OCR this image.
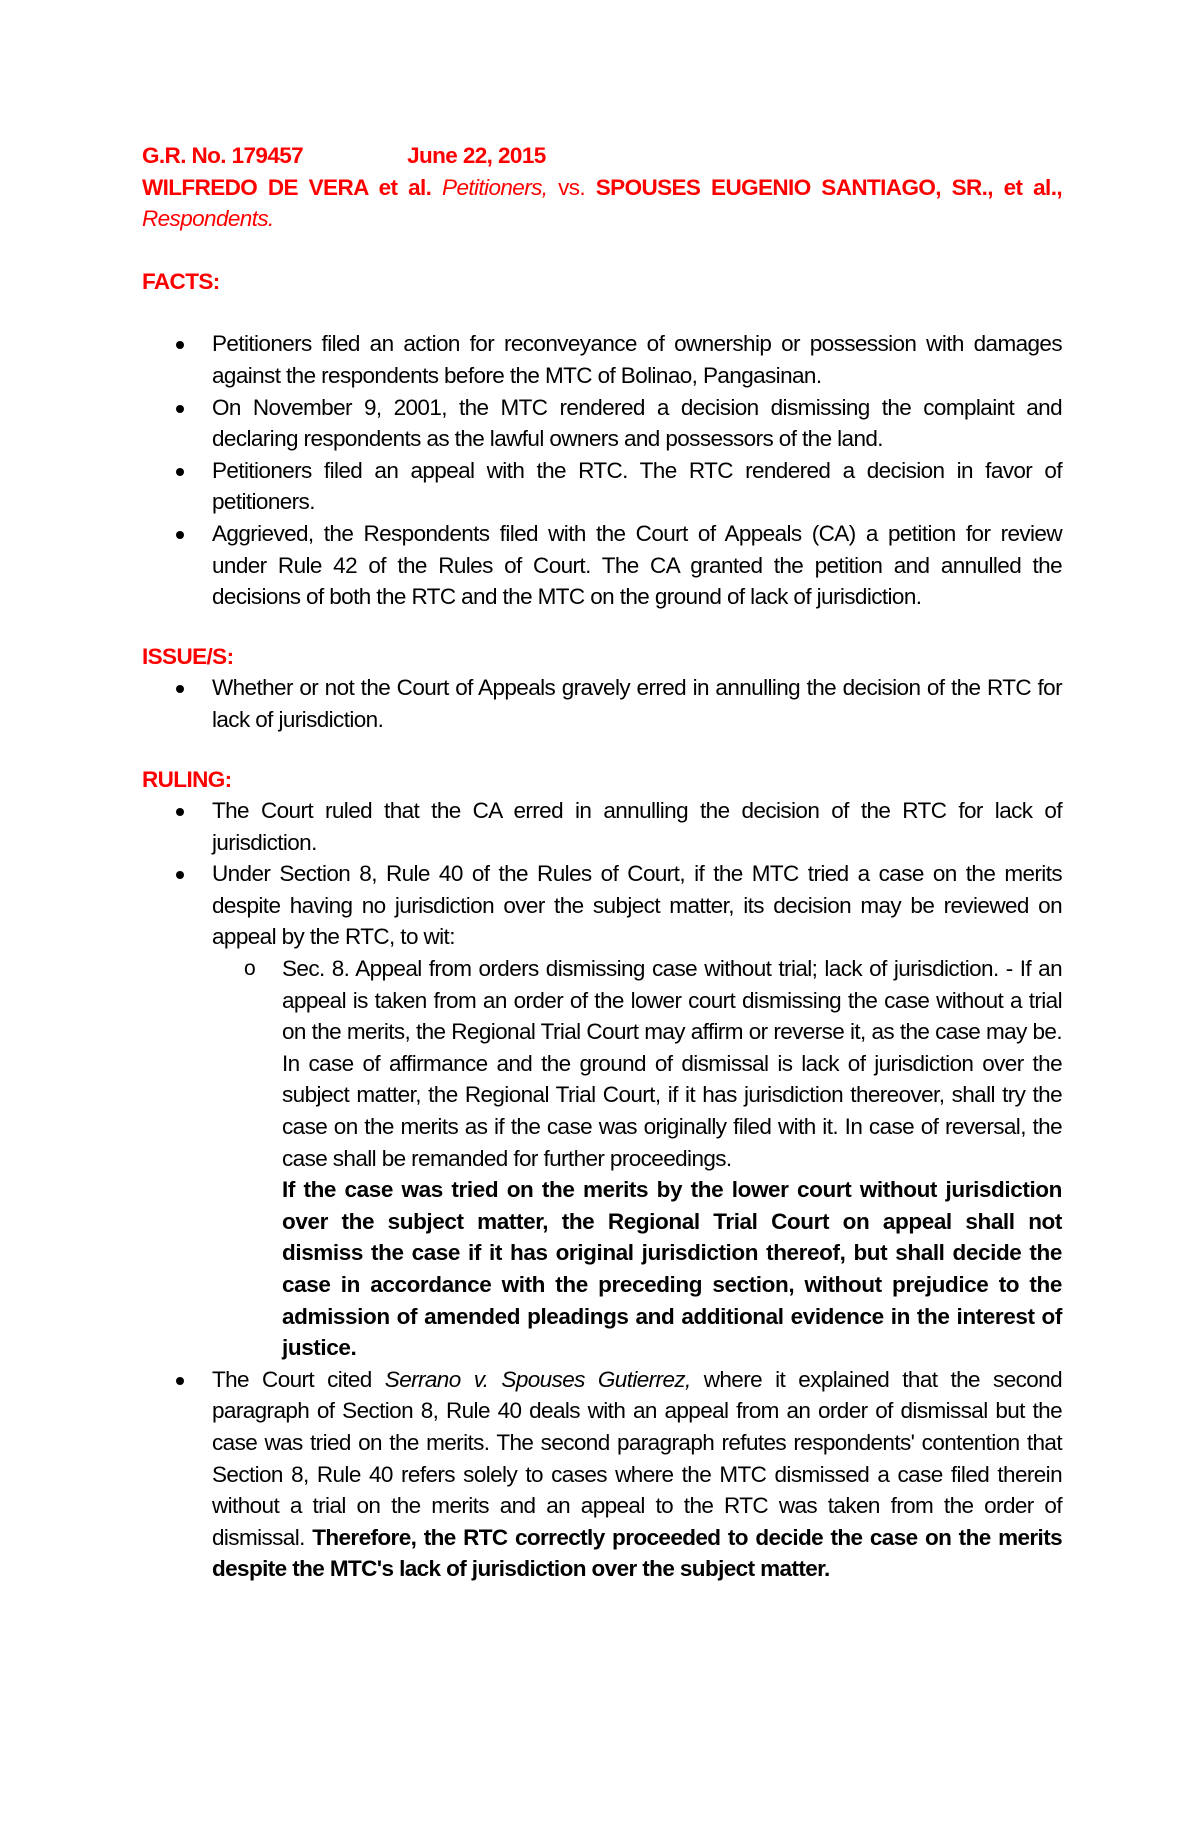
G.R. No. 179457	June 22, 2015
WILFREDO DE VERA et al. Petitioners, vs. SPOUSES EUGENIO SANTIAGO, SR., et al., Respondents.
FACTS:
Petitioners filed an action for reconveyance of ownership or possession with damages against the respondents before the MTC of Bolinao, Pangasinan.
On November 9, 2001, the MTC rendered a decision dismissing the complaint and declaring respondents as the lawful owners and possessors of the land.
Petitioners filed an appeal with the RTC. The RTC rendered a decision in favor of petitioners.
Aggrieved, the Respondents filed with the Court of Appeals (CA) a petition for review under Rule 42 of the Rules of Court. The CA granted the petition and annulled the decisions of both the RTC and the MTC on the ground of lack of jurisdiction.
ISSUE/S:
Whether or not the Court of Appeals gravely erred in annulling the decision of the RTC for lack of jurisdiction.
RULING:
The Court ruled that the CA erred in annulling the decision of the RTC for lack of jurisdiction.
Under Section 8, Rule 40 of the Rules of Court, if the MTC tried a case on the merits despite having no jurisdiction over the subject matter, its decision may be reviewed on appeal by the RTC, to wit:
o Sec. 8. Appeal from orders dismissing case without trial; lack of jurisdiction. - If an appeal is taken from an order of the lower court dismissing the case without a trial on the merits, the Regional Trial Court may affirm or reverse it, as the case may be. In case of affirmance and the ground of dismissal is lack of jurisdiction over the subject matter, the Regional Trial Court, if it has jurisdiction thereover, shall try the case on the merits as if the case was originally filed with it. In case of reversal, the case shall be remanded for further proceedings.
If the case was tried on the merits by the lower court without jurisdiction over the subject matter, the Regional Trial Court on appeal shall not dismiss the case if it has original jurisdiction thereof, but shall decide the case in accordance with the preceding section, without prejudice to the admission of amended pleadings and additional evidence in the interest of justice.
The Court cited Serrano v. Spouses Gutierrez, where it explained that the second paragraph of Section 8, Rule 40 deals with an appeal from an order of dismissal but the case was tried on the merits. The second paragraph refutes respondents' contention that Section 8, Rule 40 refers solely to cases where the MTC dismissed a case filed therein without a trial on the merits and an appeal to the RTC was taken from the order of dismissal. Therefore, the RTC correctly proceeded to decide the case on the merits despite the MTC's lack of jurisdiction over the subject matter.
